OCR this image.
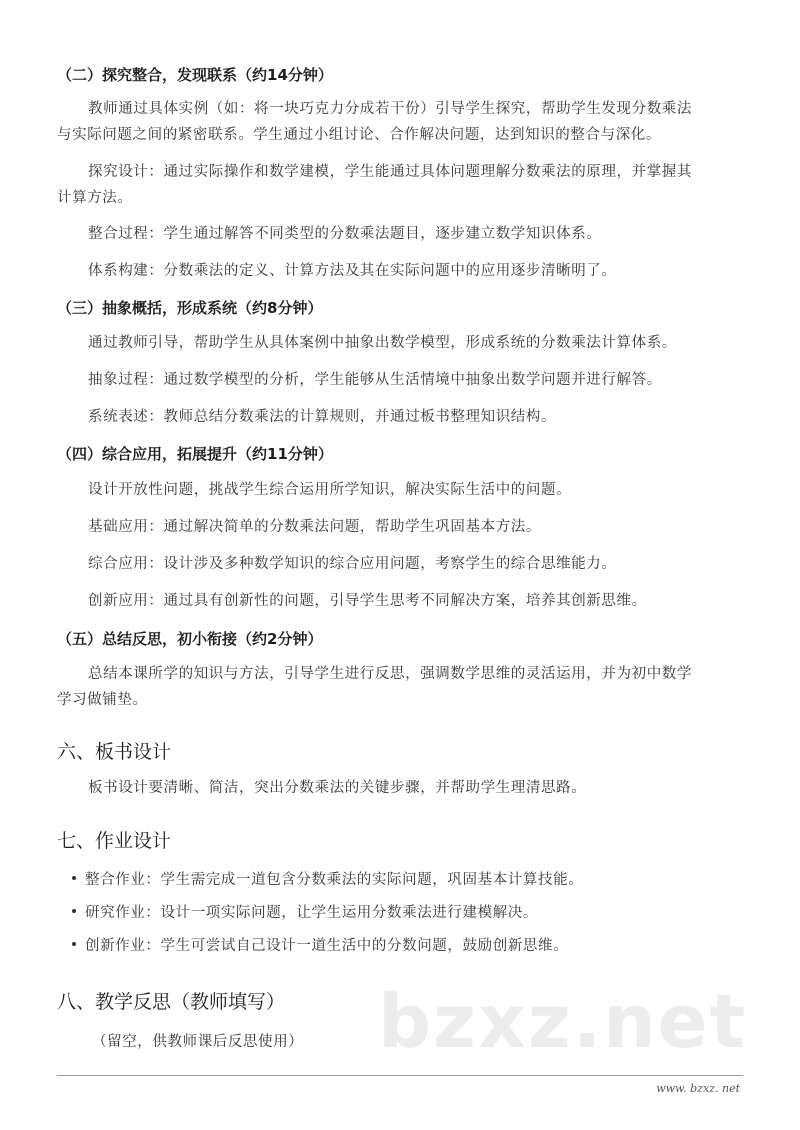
（二）探究整合，发现联系（约14分钟）
教师通过具体实例（如：将一块巧克力分成若干份）引导学生探究，帮助学生发现分数乘法
与实际问题之间的紧密联系。学生通过小组讨论、合作解决问题，达到知识的整合与深化。
探究设计：通过实际操作和数学建模，学生能通过具体问题理解分数乘法的原理，并掌握其
计算方法。
整合过程：学生通过解答不同类型的分数乘法题目，逐步建立数学知识体系。
体系构建：分数乘法的定义、计算方法及其在实际问题中的应用逐步清晰明了。
（三）抽象概括，形成系统（约8分钟）
通过教师引导，帮助学生从具体案例中抽象出数学模型，形成系统的分数乘法计算体系。
抽象过程：通过数学模型的分析，学生能够从生活情境中抽象出数学问题并进行解答。
系统表述：教师总结分数乘法的计算规则，并通过板书整理知识结构。
（四）综合应用，拓展提升（约11分钟）
设计开放性问题，挑战学生综合运用所学知识，解决实际生活中的问题。
基础应用：通过解决简单的分数乘法问题，帮助学生巩固基本方法。
综合应用：设计涉及多种数学知识的综合应用问题，考察学生的综合思维能力。
创新应用：通过具有创新性的问题，引导学生思考不同解决方案，培养其创新思维。
（五）总结反思，初小衔接（约2分钟）
总结本课所学的知识与方法，引导学生进行反思，强调数学思维的灵活运用，并为初中数学
学习做铺垫。
六、板书设计
板书设计要清晰、简洁，突出分数乘法的关键步骤，并帮助学生理清思路。
七、作业设计
整合作业：学生需完成一道包含分数乘法的实际问题，巩固基本计算技能。
研究作业：设计一项实际问题，让学生运用分数乘法进行建模解决。
创新作业：学生可尝试自己设计一道生活中的分数问题，鼓励创新思维。
bzxz.net
八、教学反思（教师填写）
（留空，供教师课后反思使用）
www. bzxz. net
